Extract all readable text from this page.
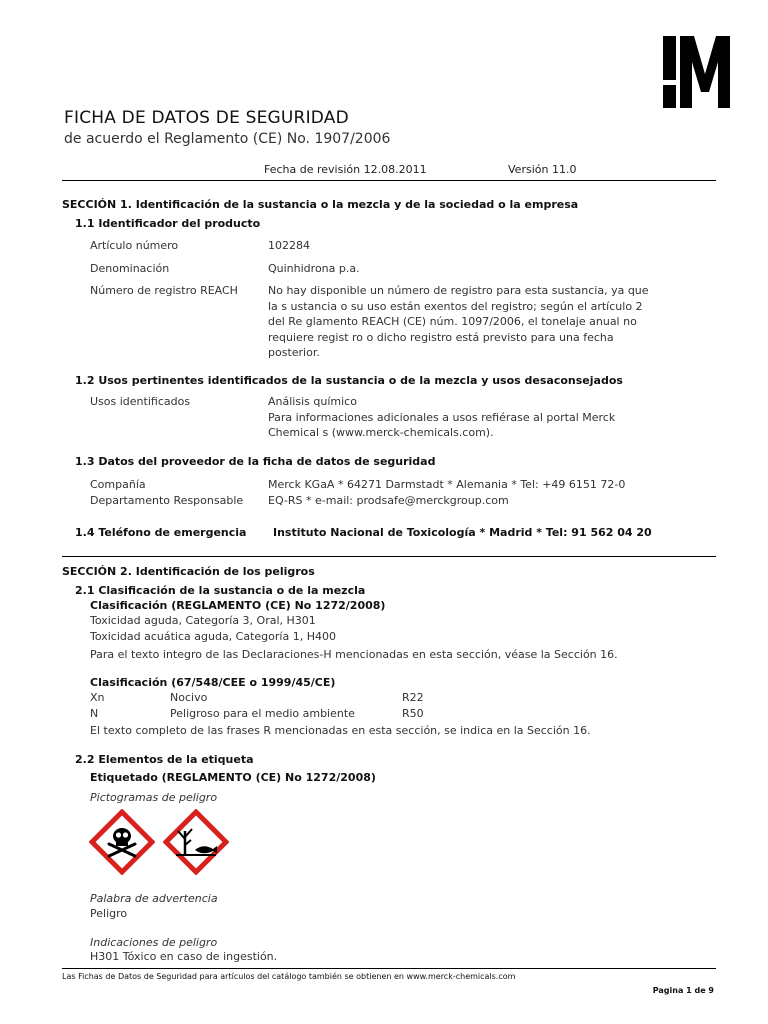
FICHA DE DATOS DE SEGURIDAD
de acuerdo el Reglamento (CE) No. 1907/2006
Fecha de revisión 12.08.2011	Versión 11.0
SECCIÓN 1. Identificación de la sustancia o la mezcla y de la sociedad o la empresa
1.1 Identificador del producto
Artículo número	102284
Denominación	Quinhidrona p.a.
Número de registro REACH	No hay disponible un número de registro para esta sustancia, ya que
la s ustancia o su uso están exentos del registro; según el artículo 2
del Re glamento REACH (CE) núm. 1097/2006, el tonelaje anual no
requiere regist ro o dicho registro está previsto para una fecha
posterior.
1.2 Usos pertinentes identificados de la sustancia o de la mezcla y usos desaconsejados
Usos identificados	Análisis químico
Para informaciones adicionales a usos refiérase al portal Merck
Chemical s (www.merck-chemicals.com).
1.3 Datos del proveedor de la ficha de datos de seguridad
Compañía	Merck KGaA * 64271 Darmstadt * Alemania * Tel: +49 6151 72-0
Departamento Responsable EQ-RS * e-mail: prodsafe@merckgroup.com
1.4 Teléfono de emergencia Instituto Nacional de Toxicología * Madrid * Tel: 91 562 04 20
SECCIÓN 2. Identificación de los peligros
2.1 Clasificación de la sustancia o de la mezcla
Clasificación (REGLAMENTO (CE) No 1272/2008)
Toxicidad aguda, Categoría 3, Oral, H301
Toxicidad acuática aguda, Categoría 1, H400
Para el texto integro de las Declaraciones-H mencionadas en esta sección, véase la Sección 16.
Clasificación (67/548/CEE o 1999/45/CE)
Xn	Nocivo	R22
N	Peligroso para el medio ambiente	R50
El texto completo de las frases R mencionadas en esta sección, se indica en la Sección 16.
2.2 Elementos de la etiqueta
Etiquetado (REGLAMENTO (CE) No 1272/2008)
Pictogramas de peligro
Palabra de advertencia
Peligro
Indicaciones de peligro
H301 Tóxico en caso de ingestión.
Las Fichas de Datos de Seguridad para artículos del catálogo también se obtienen en www.merck-chemicals.com
Pagina 1 de 9
